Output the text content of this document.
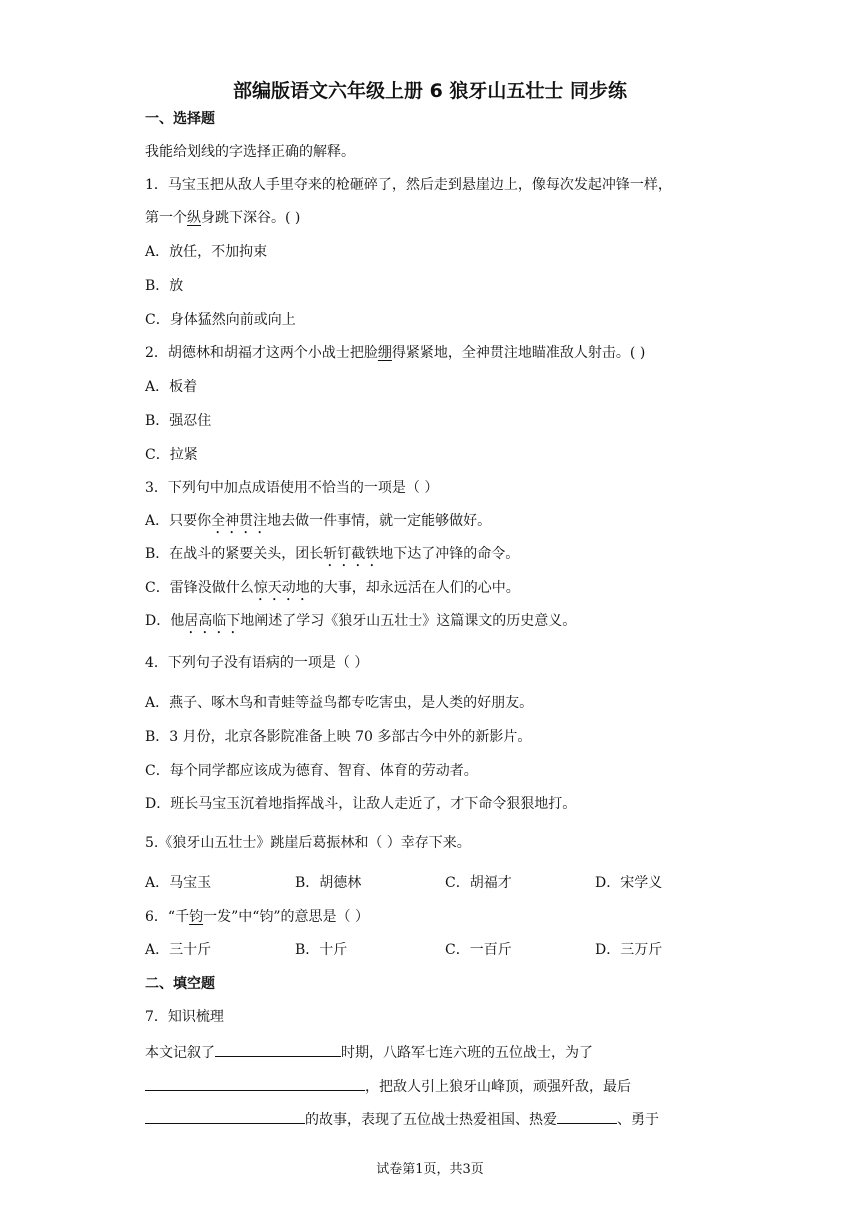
部编版语文六年级上册 6 狼牙山五壮士 同步练
一、选择题
我能给划线的字选择正确的解释。
1．马宝玉把从敌人手里夺来的枪砸碎了，然后走到悬崖边上，像每次发起冲锋一样，
第一个纵身跳下深谷。( )
A．放任，不加拘束
B．放
C．身体猛然向前或向上
2．胡德林和胡福才这两个小战士把脸绷得紧紧地，全神贯注地瞄准敌人射击。( )
A．板着
B．强忍住
C．拉紧
3．下列句中加点成语使用不恰当的一项是（ ）
A．只要你全神贯注地去做一件事情，就一定能够做好。
B．在战斗的紧要关头，团长斩钉截铁地下达了冲锋的命令。
C．雷锋没做什么惊天动地的大事，却永远活在人们的心中。
D．他居高临下地阐述了学习《狼牙山五壮士》这篇课文的历史意义。
4．下列句子没有语病的一项是（ ）
A．燕子、啄木鸟和青蛙等益鸟都专吃害虫，是人类的好朋友。
B．3 月份，北京各影院准备上映 70 多部古今中外的新影片。
C．每个同学都应该成为德育、智育、体育的劳动者。
D．班长马宝玉沉着地指挥战斗，让敌人走近了，才下命令狠狠地打。
5.《狼牙山五壮士》跳崖后葛振林和（ ）幸存下来。
A．马宝玉	B．胡德林	C．胡福才	D．宋学义
6．“千钧一发”中“钧”的意思是（ ）
A．三十斤	B．十斤	C．一百斤	D．三万斤
二、填空题
7．知识梳理
本文记叙了	时期，八路军七连六班的五位战士，为了
，把敌人引上狼牙山峰顶，顽强歼敌，最后
的故事，表现了五位战士热爱祖国、热爱	、勇于
试卷第1页，共3页
